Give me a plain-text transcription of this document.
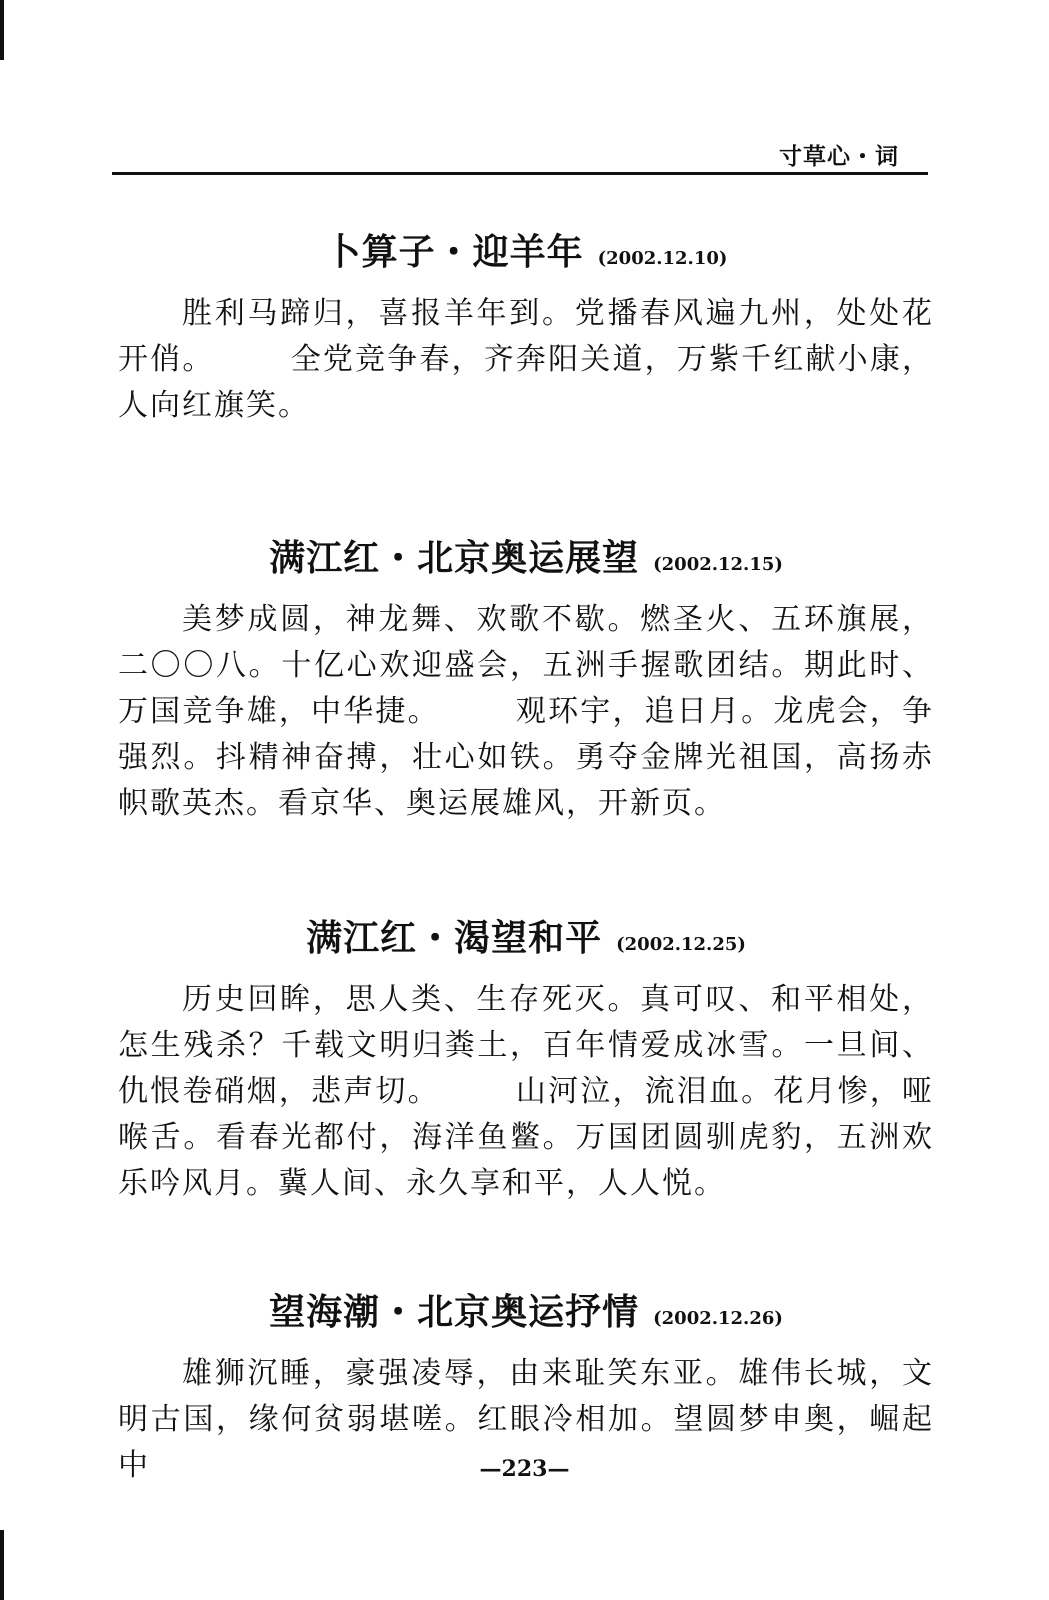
寸草心・词
卜算子・迎羊年 (2002.12.10)
胜利马蹄归，喜报羊年到。党播春风遍九州，处处花开俏。	全党竞争春，齐奔阳关道，万紫千红献小康，人向红旗笑。
满江红・北京奥运展望 (2002.12.15)
美梦成圆，神龙舞、欢歌不歇。燃圣火、五环旗展，二〇〇八。十亿心欢迎盛会，五洲手握歌团结。期此时、万国竞争雄，中华捷。	观环宇，追日月。龙虎会，争强烈。抖精神奋搏，壮心如铁。勇夺金牌光祖国，高扬赤帜歌英杰。看京华、奥运展雄风，开新页。
满江红・渴望和平 (2002.12.25)
历史回眸，思人类、生存死灭。真可叹、和平相处，怎生残杀？千载文明归粪土，百年情爱成冰雪。一旦间、仇恨卷硝烟，悲声切。	山河泣，流泪血。花月惨，哑喉舌。看春光都付，海洋鱼鳖。万国团圆驯虎豹，五洲欢乐吟风月。冀人间、永久享和平，人人悦。
望海潮・北京奥运抒情 (2002.12.26)
雄狮沉睡，豪强凌辱，由来耻笑东亚。雄伟长城，文明古国，缘何贫弱堪嗟。红眼冷相加。望圆梦申奥，崛起中	—223—
